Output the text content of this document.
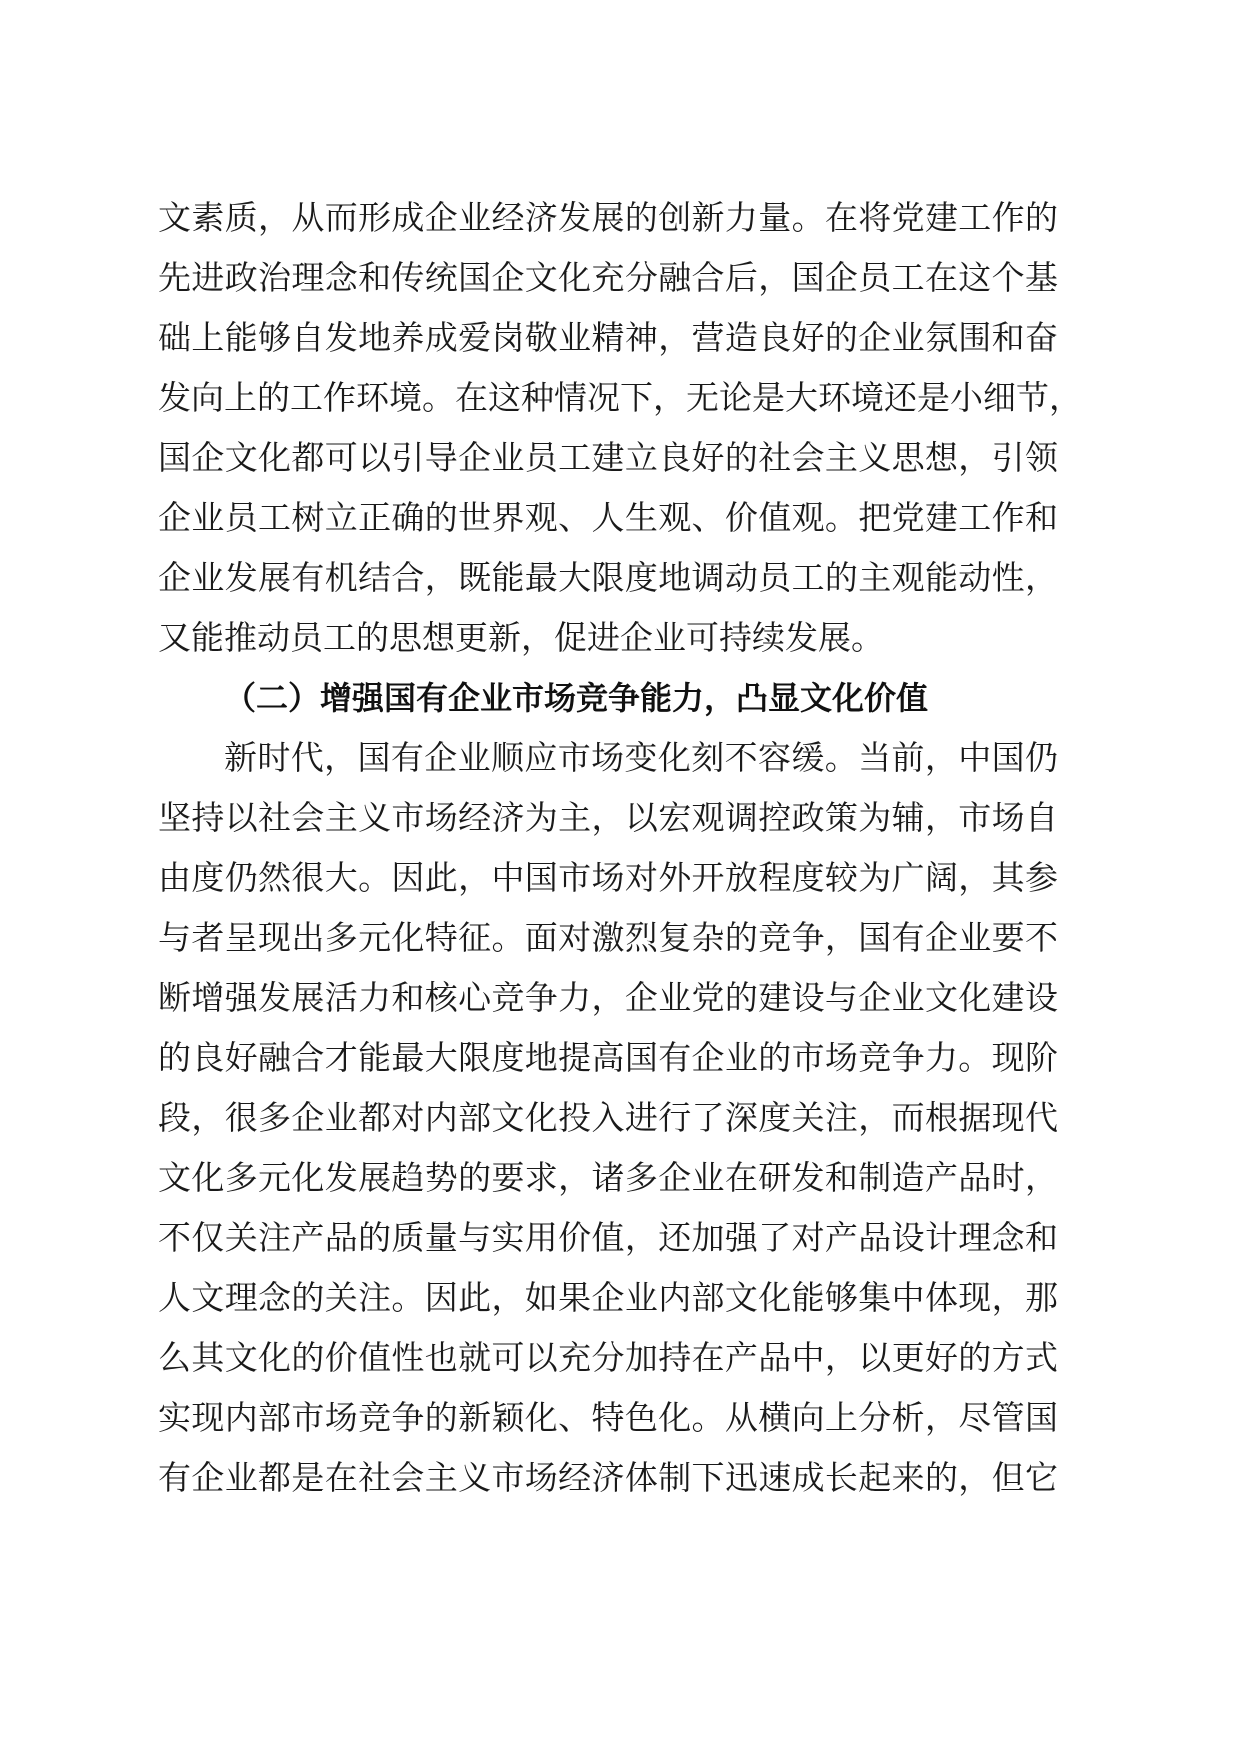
文素质，从而形成企业经济发展的创新力量。在将党建工作的
先进政治理念和传统国企文化充分融合后，国企员工在这个基
础上能够自发地养成爱岗敬业精神，营造良好的企业氛围和奋
发向上的工作环境。在这种情况下，无论是大环境还是小细节，
国企文化都可以引导企业员工建立良好的社会主义思想，引领
企业员工树立正确的世界观、人生观、价值观。把党建工作和
企业发展有机结合，既能最大限度地调动员工的主观能动性，
又能推动员工的思想更新，促进企业可持续发展。
（二）增强国有企业市场竞争能力，凸显文化价值
新时代，国有企业顺应市场变化刻不容缓。当前，中国仍
坚持以社会主义市场经济为主，以宏观调控政策为辅，市场自
由度仍然很大。因此，中国市场对外开放程度较为广阔，其参
与者呈现出多元化特征。面对激烈复杂的竞争，国有企业要不
断增强发展活力和核心竞争力，企业党的建设与企业文化建设
的良好融合才能最大限度地提高国有企业的市场竞争力。现阶
段，很多企业都对内部文化投入进行了深度关注，而根据现代
文化多元化发展趋势的要求，诸多企业在研发和制造产品时，
不仅关注产品的质量与实用价值，还加强了对产品设计理念和
人文理念的关注。因此，如果企业内部文化能够集中体现，那
么其文化的价值性也就可以充分加持在产品中，以更好的方式
实现内部市场竞争的新颖化、特色化。从横向上分析，尽管国
有企业都是在社会主义市场经济体制下迅速成长起来的，但它
